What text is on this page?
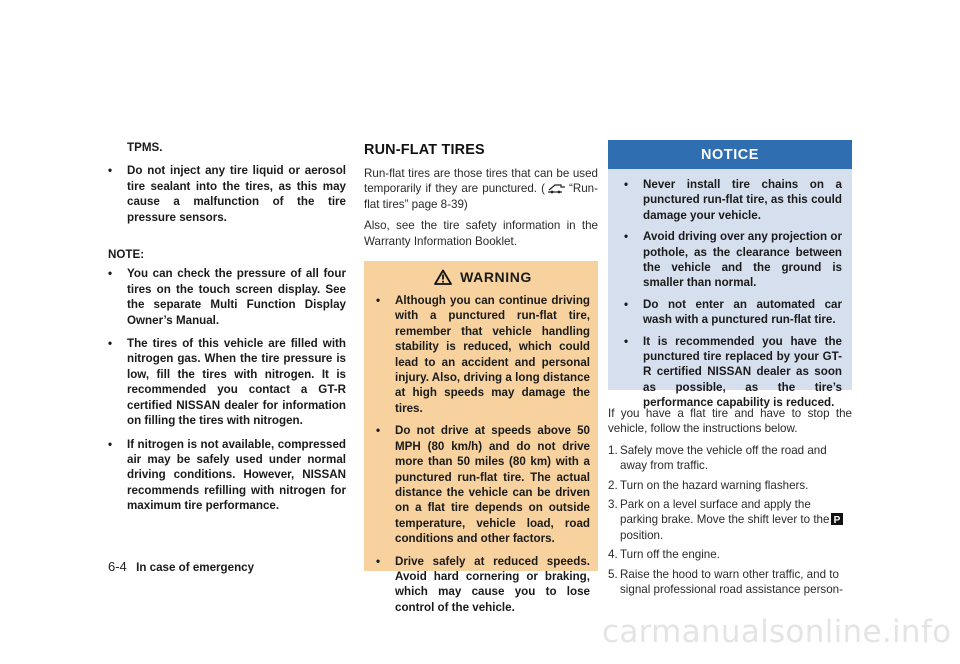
TPMS.
• Do not inject any tire liquid or aerosol tire sealant into the tires, as this may cause a malfunction of the tire pressure sensors.
NOTE:
• You can check the pressure of all four tires on the touch screen display. See the separate Multi Function Display Owner’s Manual.
• The tires of this vehicle are filled with nitrogen gas. When the tire pressure is low, fill the tires with nitrogen. It is recommended you contact a GT-R certified NISSAN dealer for information on filling the tires with nitrogen.
• If nitrogen is not available, compressed air may be safely used under normal driving conditions. However, NISSAN recommends refilling with nitrogen for maximum tire performance.
RUN-FLAT TIRES
Run-flat tires are those tires that can be used temporarily if they are punctured. ( “Run-flat tires” page 8-39)
Also, see the tire safety information in the Warranty Information Booklet.
WARNING
• Although you can continue driving with a punctured run-flat tire, remember that vehicle handling stability is reduced, which could lead to an accident and personal injury. Also, driving a long distance at high speeds may damage the tires.
• Do not drive at speeds above 50 MPH (80 km/h) and do not drive more than 50 miles (80 km) with a punctured run-flat tire. The actual distance the vehicle can be driven on a flat tire depends on outside temperature, vehicle load, road conditions and other factors.
• Drive safely at reduced speeds. Avoid hard cornering or braking, which may cause you to lose control of the vehicle.
NOTICE
• Never install tire chains on a punctured run-flat tire, as this could damage your vehicle.
• Avoid driving over any projection or pothole, as the clearance between the vehicle and the ground is smaller than normal.
• Do not enter an automated car wash with a punctured run-flat tire.
• It is recommended you have the punctured tire replaced by your GT-R certified NISSAN dealer as soon as possible, as the tire’s performance capability is reduced.
If you have a flat tire and have to stop the vehicle, follow the instructions below.
1. Safely move the vehicle off the road and away from traffic.
2. Turn on the hazard warning flashers.
3. Park on a level surface and apply the parking brake. Move the shift lever to the P
position.
4. Turn off the engine.
5. Raise the hood to warn other traffic, and to signal professional road assistance person-
6-4 In case of emergency
carmanualsonline.info
